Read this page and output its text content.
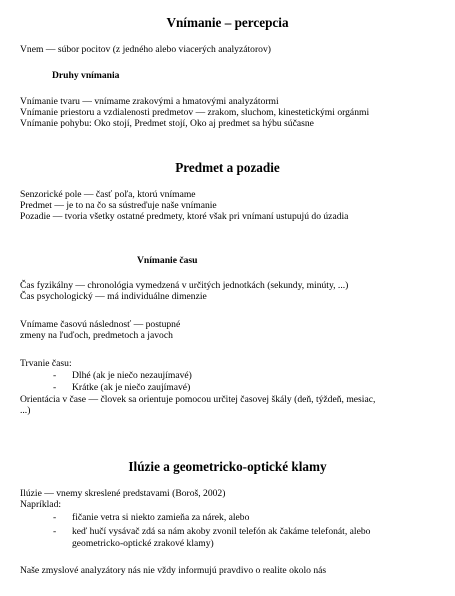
Vnímanie – percepcia
Vnem — súbor pocitov (z jedného alebo viacerých analyzátorov)
Druhy vnímania
Vnímanie tvaru — vnímame zrakovými a hmatovými analyzátormi
Vnímanie priestoru a vzdialenosti predmetov — zrakom, sluchom, kinestetickými orgánmi
Vnímanie pohybu: Oko stojí, Predmet stojí, Oko aj predmet sa hýbu súčasne
Predmet a pozadie
Senzorické pole — časť poľa, ktorú vnímame
Predmet — je to na čo sa sústreďuje naše vnímanie
Pozadie — tvoria všetky ostatné predmety, ktoré však pri vnímaní ustupujú do úzadia
Vnímanie času
Čas fyzikálny — chronológia vymedzená v určitých jednotkách (sekundy, minúty, ...)
Čas psychologický — má individuálne dimenzie
Vnímame časovú následnosť — postupné
zmeny na ľuďoch, predmetoch a javoch
Trvanie času:
- Dlhé (ak je niečo nezaujímavé)
- Krátke (ak je niečo zaujímavé)
Orientácia v čase — človek sa orientuje pomocou určitej časovej škály (deň, týždeň, mesiac,
...)
Ilúzie a geometricko-optické klamy
Ilúzie — vnemy skreslené predstavami (Boroš, 2002)
Napríklad:
- fičanie vetra si niekto zamieňa za nárek, alebo
- keď hučí vysávač zdá sa nám akoby zvonil telefón ak čakáme telefonát, alebo
geometricko-optické zrakové klamy)
Naše zmyslové analyzátory nás nie vždy informujú pravdivo o realite okolo nás
